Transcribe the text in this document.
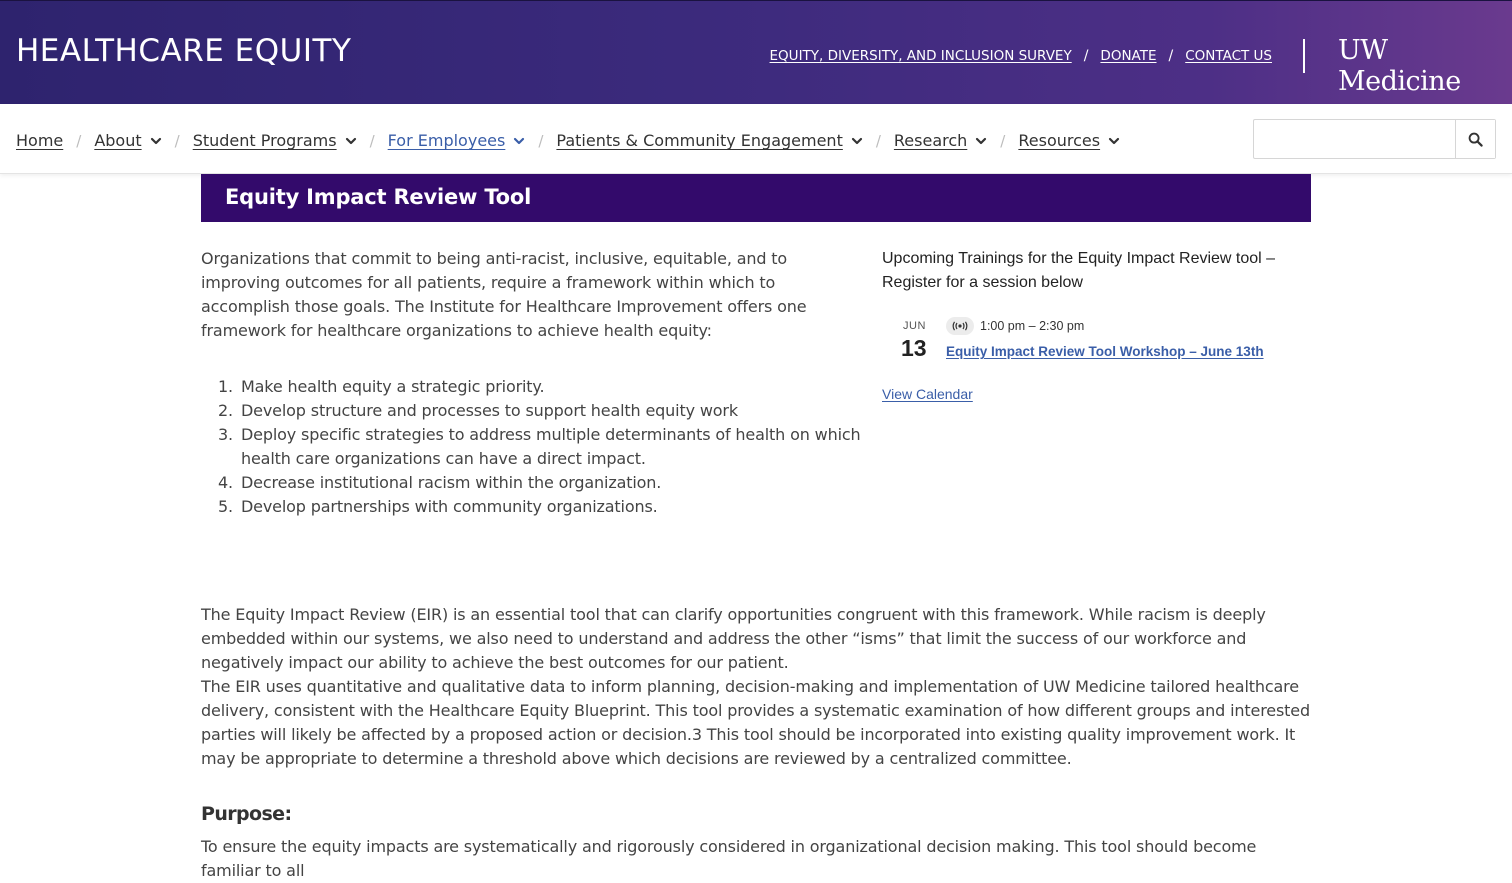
HEALTHCARE EQUITY	EQUITY, DIVERSITY, AND INCLUSION SURVEY / DONATE / CONTACT US UW Medicine
Home / About / Student Programs / For Employees / Patients & Community Engagement / Research / Resources
Equity Impact Review Tool

Organizations that commit to being anti-racist, inclusive, equitable, and to improving outcomes for all patients, require a framework within which to accomplish those goals. The Institute for Healthcare Improvement offers one framework for healthcare organizations to achieve health equity:

1. Make health equity a strategic priority.
2. Develop structure and processes to support health equity work
3. Deploy specific strategies to address multiple determinants of health on which health care organizations can have a direct impact.
4. Decrease institutional racism within the organization.
5. Develop partnerships with community organizations.
Upcoming Trainings for the Equity Impact Review tool – Register for a session below
JUN
13
1:00 pm – 2:30 pm
Equity Impact Review Tool Workshop – June 13th
View Calendar

The Equity Impact Review (EIR) is an essential tool that can clarify opportunities congruent with this framework. While racism is deeply embedded within our systems, we also need to understand and address the other “isms” that limit the success of our workforce and negatively impact our ability to achieve the best outcomes for our patient.

The EIR uses quantitative and qualitative data to inform planning, decision-making and implementation of UW Medicine tailored healthcare delivery, consistent with the Healthcare Equity Blueprint. This tool provides a systematic examination of how different groups and interested parties will likely be affected by a proposed action or decision.3 This tool should be incorporated into existing quality improvement work. It may be appropriate to determine a threshold above which decisions are reviewed by a centralized committee.

Purpose:

To ensure the equity impacts are systematically and rigorously considered in organizational decision making. This tool should become familiar to all
